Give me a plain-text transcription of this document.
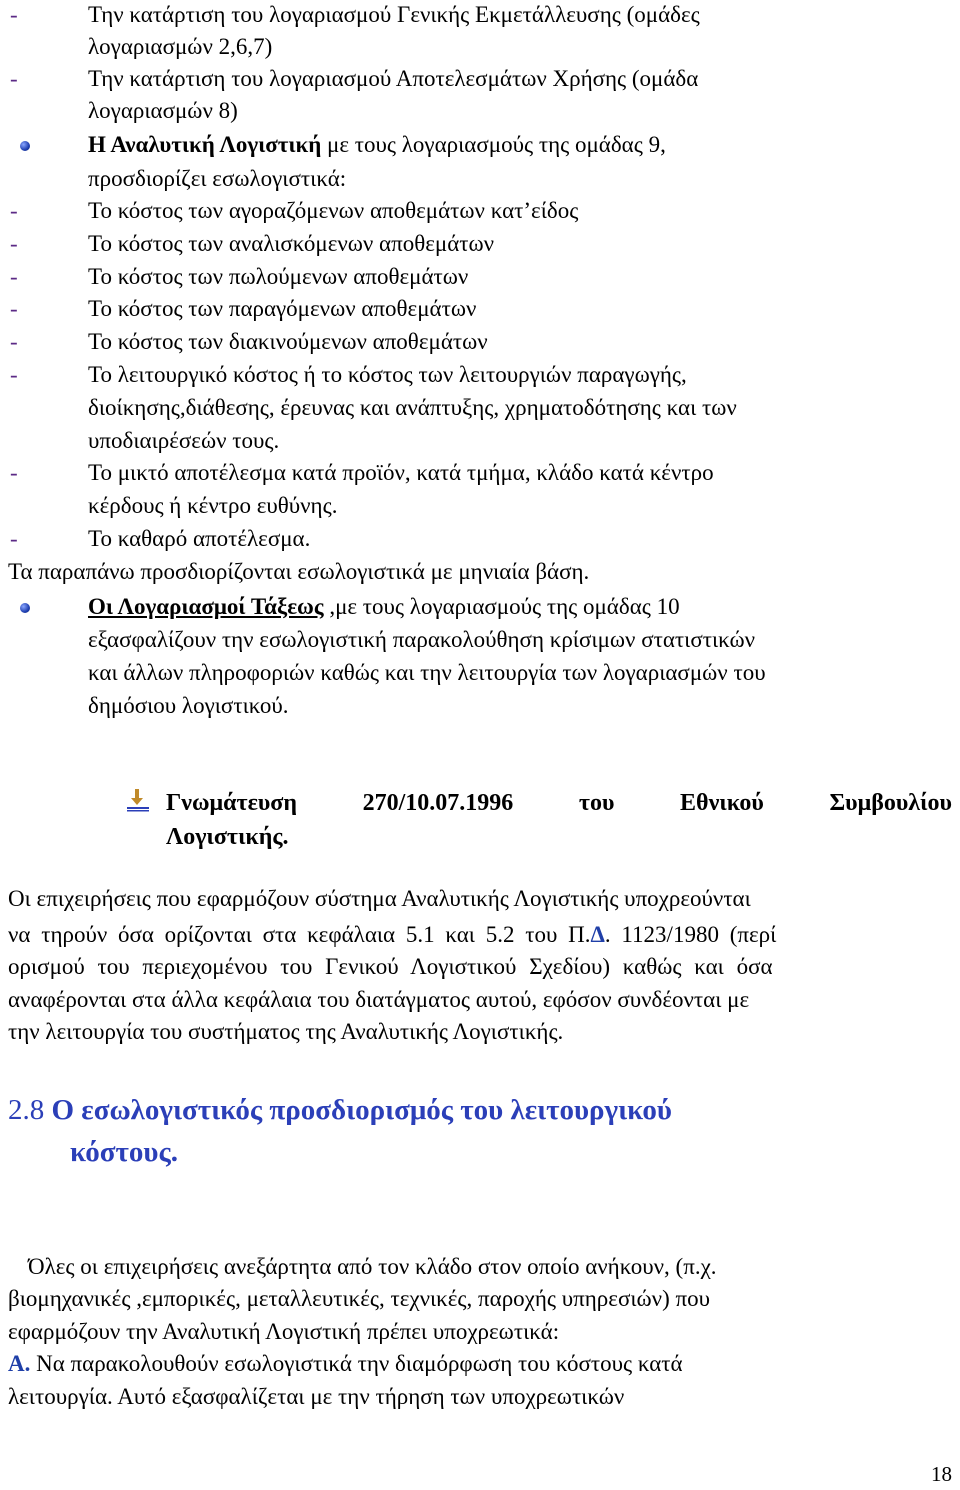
-	Την κατάρτιση του λογαριασμού Γενικής Εκμετάλλευσης (ομάδες
λογαριασμών 2,6,7)
-	Την κατάρτιση του λογαριασμού Αποτελεσμάτων Χρήσης (ομάδα
λογαριασμών 8)
Η Αναλυτική Λογιστική με τους λογαριασμούς της ομάδας 9,
προσδιορίζει εσωλογιστικά:
-	Το κόστος των αγοραζόμενων αποθεμάτων κατ’είδος
-	Το κόστος των αναλισκόμενων αποθεμάτων
-	Το κόστος των πωλούμενων αποθεμάτων
-	Το κόστος των παραγόμενων αποθεμάτων
-	Το κόστος των διακινούμενων αποθεμάτων
-	Το λειτουργικό κόστος ή το κόστος των λειτουργιών παραγωγής,
διοίκησης,διάθεσης, έρευνας και ανάπτυξης, χρηματοδότησης και των
υποδιαιρέσεών τους.
-	Το μικτό αποτέλεσμα κατά προϊόν, κατά τμήμα, κλάδο κατά κέντρο
κέρδους ή κέντρο ευθύνης.
-	Το καθαρό αποτέλεσμα.
Τα παραπάνω προσδιορίζονται εσωλογιστικά με μηνιαία βάση.
Οι Λογαριασμοί Τάξεως ,με τους λογαριασμούς της ομάδας 10
εξασφαλίζουν την εσωλογιστική παρακολούθηση κρίσιμων στατιστικών
και άλλων πληροφοριών καθώς και την λειτουργία των λογαριασμών του
δημόσιου λογιστικού.
Γνωμάτευση	270/10.07.1996	του	Εθνικού	Συμβουλίου
Λογιστικής.
Οι επιχειρήσεις που εφαρμόζουν σύστημα Αναλυτικής Λογιστικής υποχρεούνται
να τηρούν όσα ορίζονται στα κεφάλαια 5.1 και 5.2 του Π.Δ. 1123/1980 (περί
ορισμού του περιεχομένου του Γενικού Λογιστικού Σχεδίου) καθώς και όσα
αναφέρονται στα άλλα κεφάλαια του διατάγματος αυτού, εφόσον συνδέονται με
την λειτουργία του συστήματος της Αναλυτικής Λογιστικής.
2.8 Ο εσωλογιστικός προσδιορισμός του λειτουργικού
κόστους.
Όλες οι επιχειρήσεις ανεξάρτητα από τον κλάδο στον οποίο ανήκουν, (π.χ.
βιομηχανικές ,εμπορικές, μεταλλευτικές, τεχνικές, παροχής υπηρεσιών) που
εφαρμόζουν την Αναλυτική Λογιστική πρέπει υποχρεωτικά:
Α. Να παρακολουθούν εσωλογιστικά την διαμόρφωση του κόστους κατά
λειτουργία. Αυτό εξασφαλίζεται με την τήρηση των υποχρεωτικών
18
